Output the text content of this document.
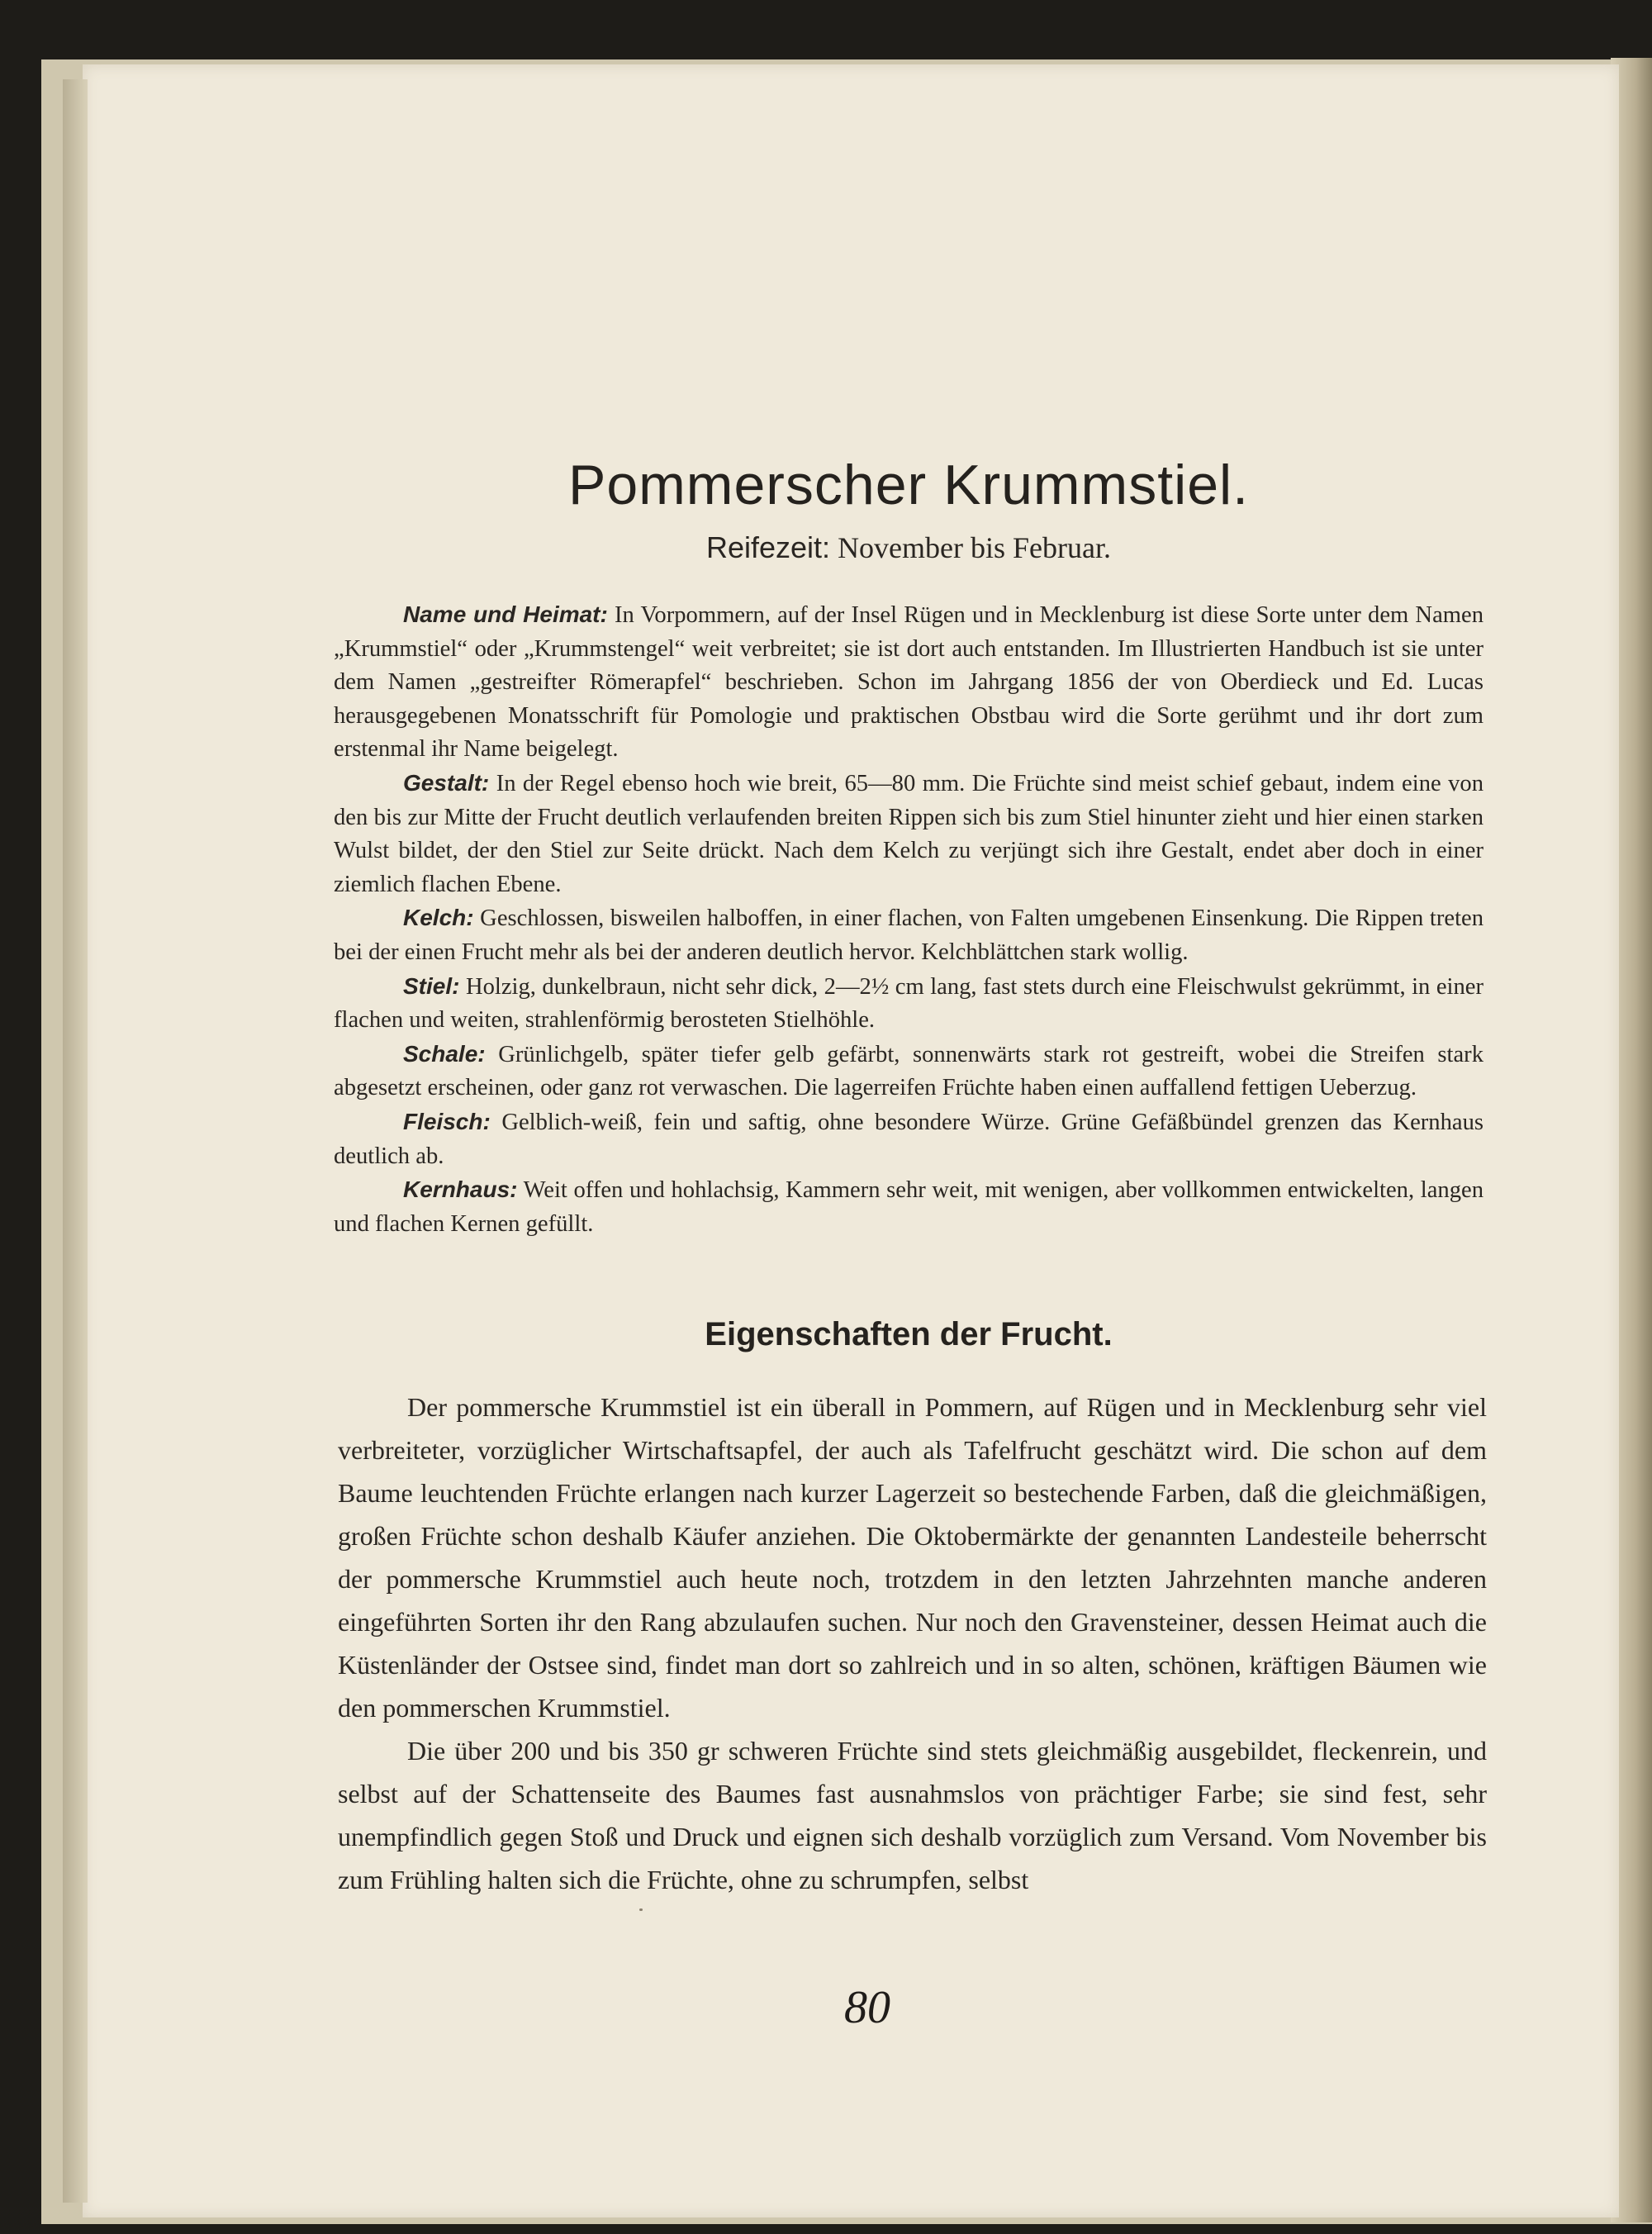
Pommerscher Krummstiel.

Reifezeit: November bis Februar.

Name und Heimat: In Vorpommern, auf der Insel Rügen und in Mecklenburg ist diese Sorte unter dem Namen „Krummstiel“ oder „Krummstengel“ weit verbreitet; sie ist dort auch entstanden. Im Illustrierten Handbuch ist sie unter dem Namen „gestreifter Römerapfel“ beschrieben. Schon im Jahrgang 1856 der von Oberdieck und Ed. Lucas herausgegebenen Monatsschrift für Pomologie und praktischen Obstbau wird die Sorte gerühmt und ihr dort zum erstenmal ihr Name beigelegt.

Gestalt: In der Regel ebenso hoch wie breit, 65—80 mm. Die Früchte sind meist schief gebaut, indem eine von den bis zur Mitte der Frucht deutlich verlaufenden breiten Rippen sich bis zum Stiel hinunter zieht und hier einen starken Wulst bildet, der den Stiel zur Seite drückt. Nach dem Kelch zu verjüngt sich ihre Gestalt, endet aber doch in einer ziemlich flachen Ebene.

Kelch: Geschlossen, bisweilen halboffen, in einer flachen, von Falten umgebenen Einsenkung. Die Rippen treten bei der einen Frucht mehr als bei der anderen deutlich hervor. Kelchblättchen stark wollig.

Stiel: Holzig, dunkelbraun, nicht sehr dick, 2—2½ cm lang, fast stets durch eine Fleischwulst gekrümmt, in einer flachen und weiten, strahlenförmig berosteten Stielhöhle.

Schale: Grünlichgelb, später tiefer gelb gefärbt, sonnenwärts stark rot gestreift, wobei die Streifen stark abgesetzt erscheinen, oder ganz rot verwaschen. Die lagerreifen Früchte haben einen auffallend fettigen Ueberzug.

Fleisch: Gelblich-weiß, fein und saftig, ohne besondere Würze. Grüne Gefäßbündel grenzen das Kernhaus deutlich ab.

Kernhaus: Weit offen und hohlachsig, Kammern sehr weit, mit wenigen, aber vollkommen entwickelten, langen und flachen Kernen gefüllt.

Eigenschaften der Frucht.

Der pommersche Krummstiel ist ein überall in Pommern, auf Rügen und in Mecklenburg sehr viel verbreiteter, vorzüglicher Wirtschaftsapfel, der auch als Tafelfrucht geschätzt wird. Die schon auf dem Baume leuchtenden Früchte erlangen nach kurzer Lagerzeit so bestechende Farben, daß die gleichmäßigen, großen Früchte schon deshalb Käufer anziehen. Die Oktobermärkte der genannten Landesteile beherrscht der pommersche Krummstiel auch heute noch, trotzdem in den letzten Jahrzehnten manche anderen eingeführten Sorten ihr den Rang abzulaufen suchen. Nur noch den Gravensteiner, dessen Heimat auch die Küstenländer der Ostsee sind, findet man dort so zahlreich und in so alten, schönen, kräftigen Bäumen wie den pommerschen Krummstiel.

Die über 200 und bis 350 gr schweren Früchte sind stets gleichmäßig ausgebildet, fleckenrein, und selbst auf der Schattenseite des Baumes fast ausnahmslos von prächtiger Farbe; sie sind fest, sehr unempfindlich gegen Stoß und Druck und eignen sich deshalb vorzüglich zum Versand. Vom November bis zum Frühling halten sich die Früchte, ohne zu schrumpfen, selbst

80
